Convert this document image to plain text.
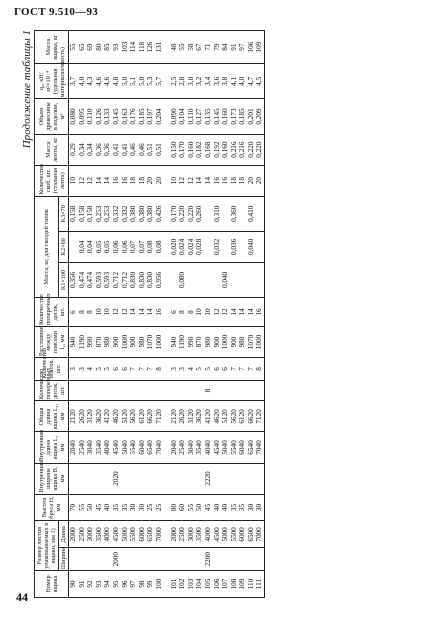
ГОСТ 9.510—93
Продолжение таблицы 1
Номер ящика	Размер листов упаковываемых в ящики, мм 1)		Высота бруса H, мм	Внутренняя ширина ящика B, мм	Внутренняя длина ящика L, мм	Общая длина ящика L₁, мм	Количество поперечных досок, шт.	Количество поясов, шт.	Расстояние между поясами l₁, мм	Количество поперечных досок, шт.	Масса, кг, для гвоздей типов			Количество скоб, шт. (стальная лента)	Масса ленты, кг	Объем древесины в изделии, м³	q₀, кН/м²×10⁻⁴ (удельная материалоемкость)	Масса ящика, кг
	Ширина	Длина									K1×100	K2×60	K3×70					
90		2000	70		2040	2120		3	940	6	0,356		0,158	10	0,29	0,080	3,7	55
91		2500	55		2540	2620		3	1190	8	0,474	0,04	0,158	12	0,34	0,095	4,0	65
92		3000	50		3040	3120		4	990	8	0,474	0,04	0,158	12	0,34	0,110	4,3	69
93		3500	45		3540	3620		5	870	10	0,593	0,05	0,253	14	0,36	0,126	4,6	80
94		4000	40		4040	4120		5	980	10	0,593	0,05	0,253	14	0,36	0,133	4,6	85
95	2000	4500	35	2020	4540	4620		6	900	12	0,712	0,06	0,332	16	0,41	0,145	4,8	93
96		5000	35		5040	5120		6	1000	12	0,712	0,06	0,332	16	0,41	0,163	5,0	103
97		5500	30		5540	5620		7	900	14	0,830	0,07	0,380	18	0,46	0,176	5,1	114
98		6000	30		6040	6120		7	980	14	0,830	0,07	0,380	18	0,46	0,185	5,0	118
99		6500	25		6540	6620		7	1070	14	0,830	0,08	0,380	20	0,51	0,197	5,3	126
100		7000	25		7040	7120		8	1000	16	0,956	0,08	0,426	20	0,51	0,204	5,7	131

101		2000	80		2040	2120		3	940	6		0,020	0,170	10	0,150	0,090	2,5	48
102		2500	60		2540	2620		3	1190	8	0,080	0,024	0,220	12	0,170	0,104	2,8	55
103		3000	55		3040	3120		4	990	8		0,024	0,220	12	0,160	0,110	3,0	58
104		3500	50		3540	3620		5	870	10		0,028	0,260	14	0,182	0,127	3,2	67
105	2200	4000	45	2220	4040	4120	8	5	980	10				14	0,168	0,135	3,4	71
106		4500	40		4540	4620		6	900	12		0,032	0,310	16	0,192	0,145	3,6	79
107		5000	40		5040	5120		6	1000	12	0,040			16	0,160	0,160	3,8	84
108		5500	35		5540	5620		7	900	14		0,036	0,360	18	0,216	0,173	4,1	91
109		6000	35		6040	6120		7	980	14				18	0,216	0,185	4,0	97
110		6500	30		6540	6620		7	1070	14		0,040	0,410	20	0,220	0,201	4,7	106
111		7000	30		7040	7120		8	1000	16				20	0,220	0,209	4,5	109
44
